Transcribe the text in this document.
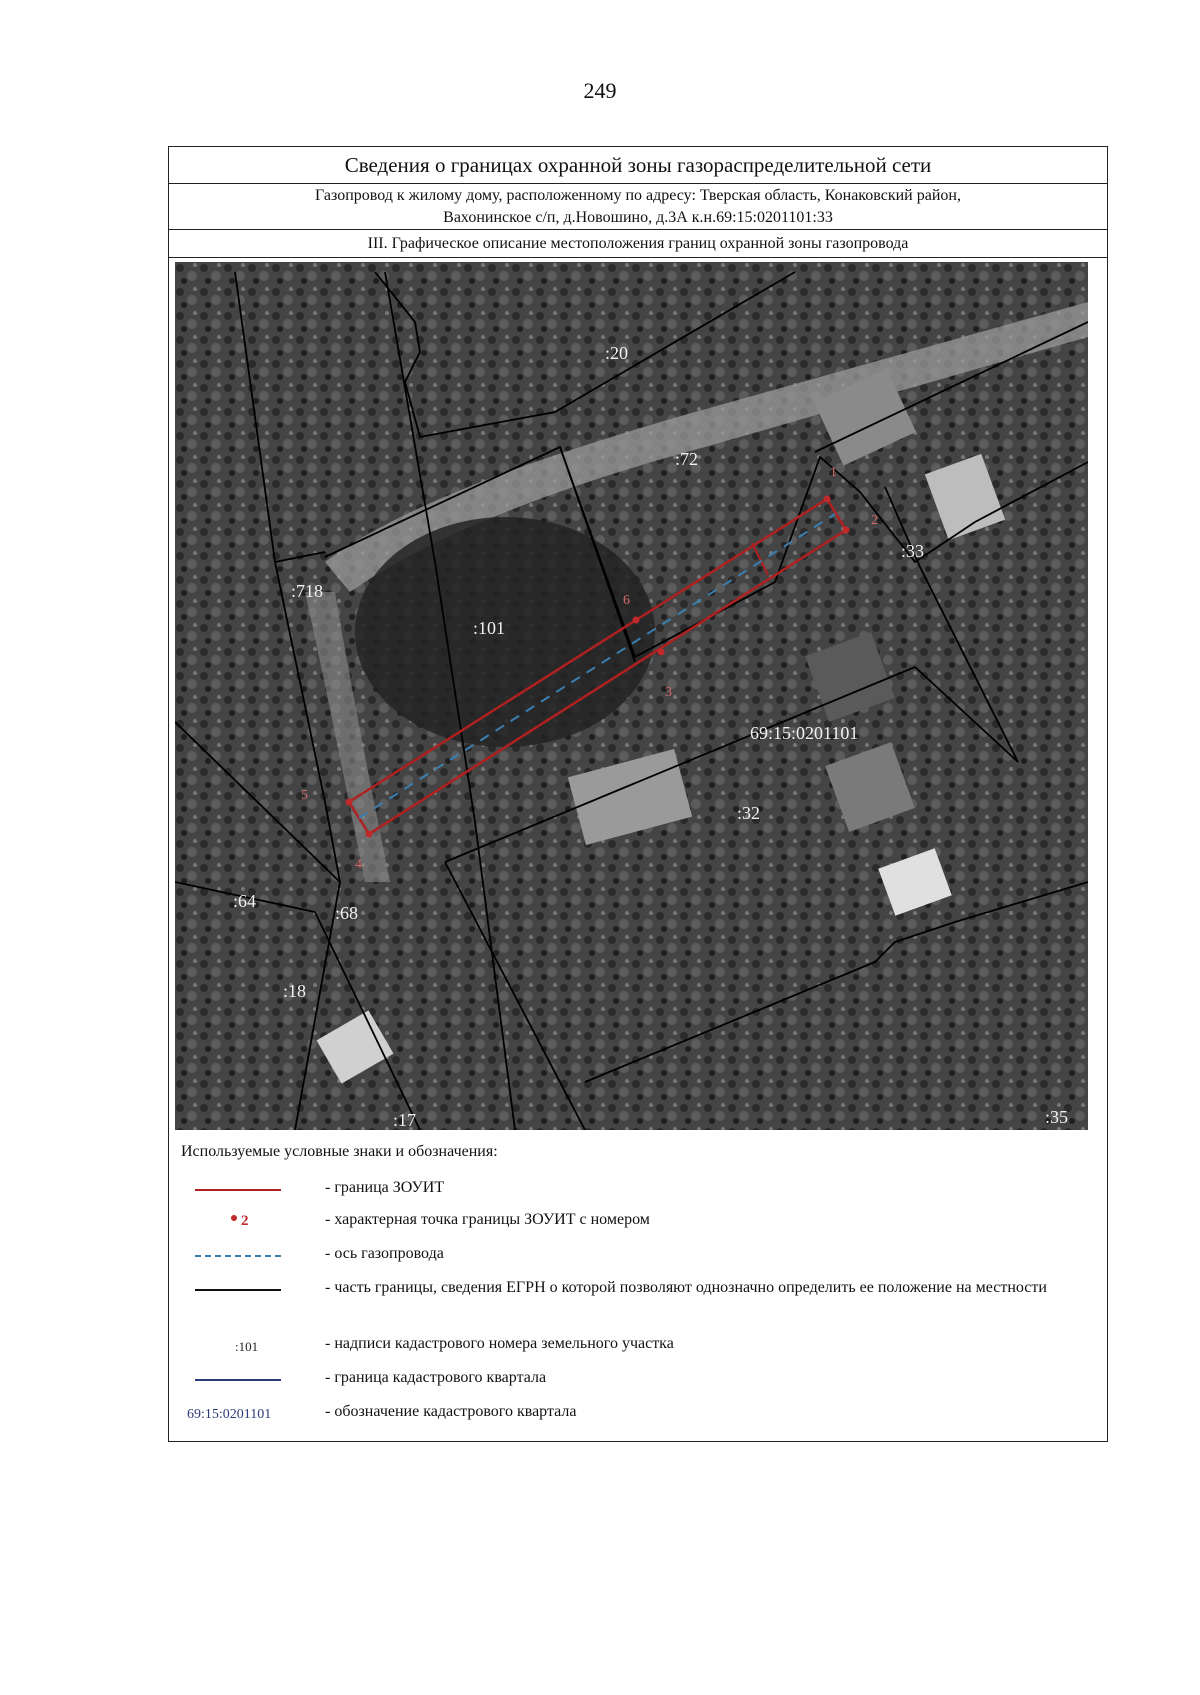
249
Сведения о границах охранной зоны газораспределительной сети
Газопровод к жилому дому, расположенному по адресу: Тверская область, Конаковский район,
Вахонинское с/п, д.Новошино, д.3А к.н.69:15:0201101:33
III. Графическое описание местоположения границ охранной зоны газопровода
1
2
3
4
5
6
:20
:72
:33
:718
:101
69:15:0201101
:32
:64
:68
:18
:17	:35
Используемые условные знаки и обозначения:
- граница ЗОУИТ
2	- характерная точка границы ЗОУИТ с номером
- ось газопровода
- часть границы, сведения ЕГРН о которой позволяют однозначно определить ее положение на местности
:101	- надписи кадастрового номера земельного участка
- граница кадастрового квартала
69:15:0201101	- обозначение кадастрового квартала
